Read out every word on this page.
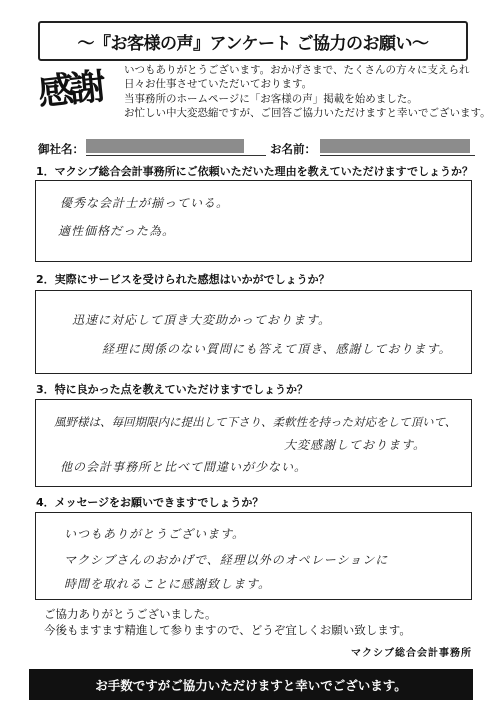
～『お客様の声』アンケート ご協力のお願い～
感謝	いつもありがとうございます。おかげさまで、たくさんの方々に支えられ
日々お仕事させていただいております。
当事務所のホームページに「お客様の声」掲載を始めました。
お忙しい中大変恐縮ですが、ご回答ご協力いただけますと幸いでございます。
御社名：	お名前：
1．マクシブ総合会計事務所にご依頼いただいた理由を教えていただけますでしょうか？
優秀な会計士が揃っている。
適性価格だった為。
2．実際にサービスを受けられた感想はいかがでしょうか？
迅速に対応して頂き大変助かっております。
経理に関係のない質問にも答えて頂き、感謝しております。
3．特に良かった点を教えていただけますでしょうか？
風野様は、毎回期限内に提出して下さり、柔軟性を持った対応をして頂いて、
大変感謝しております。
他の会計事務所と比べて間違いが少ない。
4．メッセージをお願いできますでしょうか？
いつもありがとうございます。
マクシブさんのおかげで、経理以外のオペレーションに
時間を取れることに感謝致します。
ご協力ありがとうございました。
今後もますます精進して参りますので、どうぞ宜しくお願い致します。
マクシブ総合会計事務所
お手数ですがご協力いただけますと幸いでございます。
